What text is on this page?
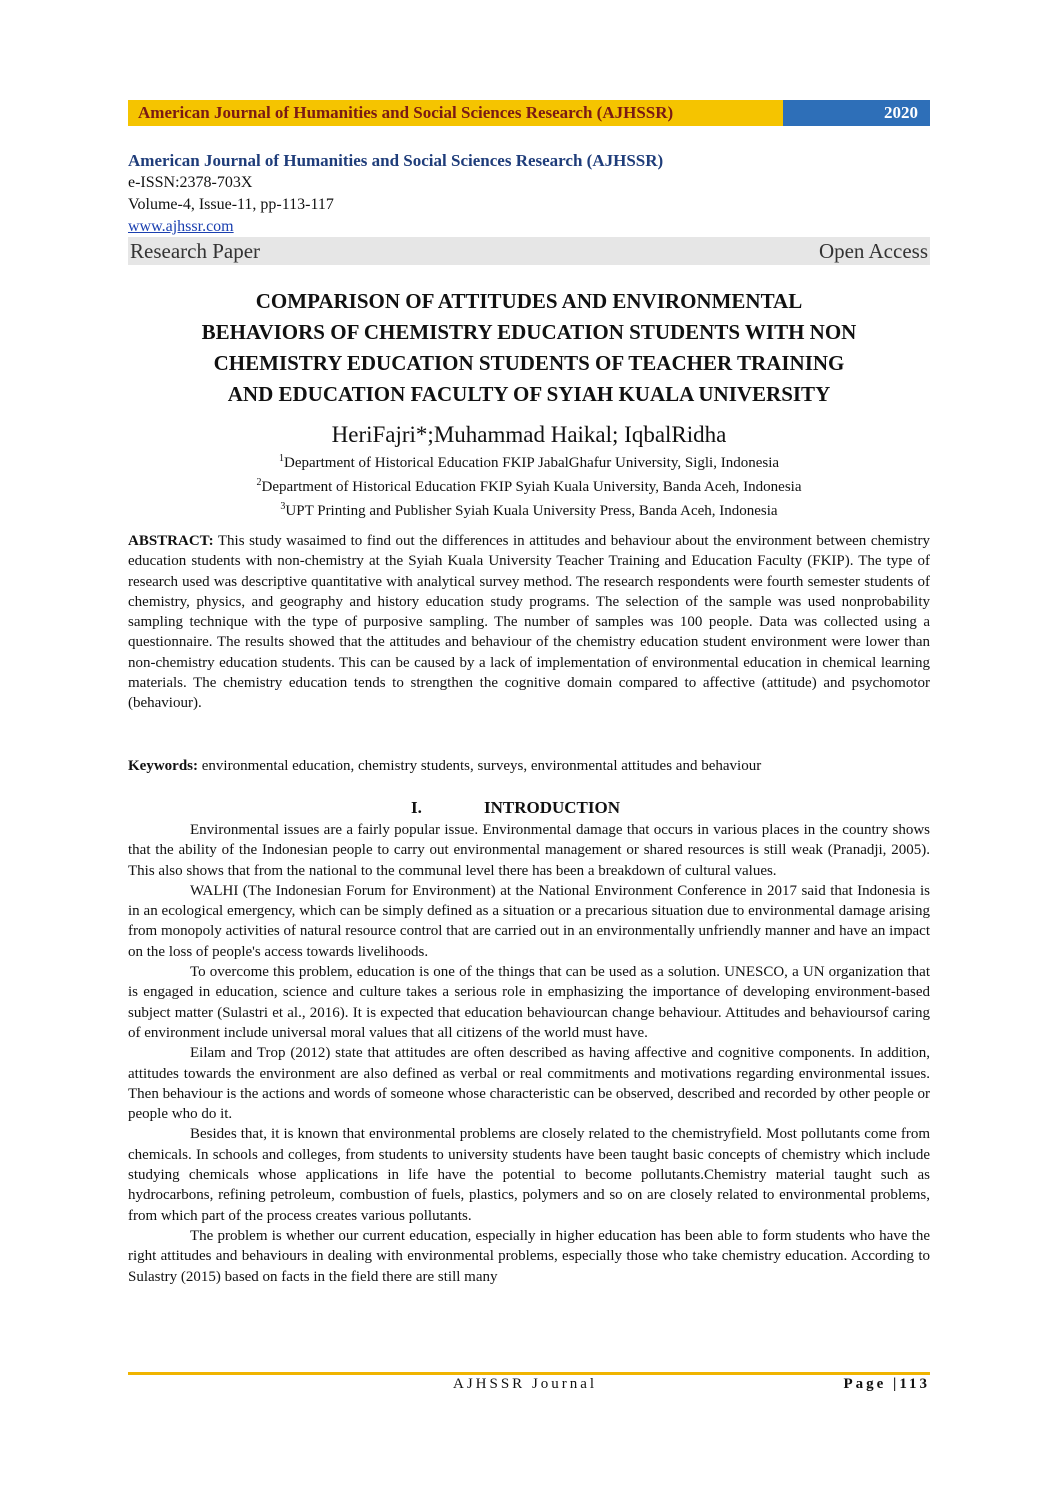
American Journal of Humanities and Social Sciences Research (AJHSSR)	2020
American Journal of Humanities and Social Sciences Research (AJHSSR)
e-ISSN:2378-703X
Volume-4, Issue-11, pp-113-117
www.ajhssr.com
Research Paper	Open Access
COMPARISON OF ATTITUDES AND ENVIRONMENTAL
BEHAVIORS OF CHEMISTRY EDUCATION STUDENTS WITH NON
CHEMISTRY EDUCATION STUDENTS OF TEACHER TRAINING
AND EDUCATION FACULTY OF SYIAH KUALA UNIVERSITY
HeriFajri*;Muhammad Haikal; IqbalRidha
$^1$Department of Historical Education FKIP JabalGhafur University, Sigli, Indonesia
$^2$Department of Historical Education FKIP Syiah Kuala University, Banda Aceh, Indonesia
$^3$UPT Printing and Publisher Syiah Kuala University Press, Banda Aceh, Indonesia
ABSTRACT: This study wasaimed to find out the differences in attitudes and behaviour about the environment between chemistry education students with non-chemistry at the Syiah Kuala University Teacher Training and Education Faculty (FKIP). The type of research used was descriptive quantitative with analytical survey method. The research respondents were fourth semester students of chemistry, physics, and geography and history education study programs. The selection of the sample was used nonprobability sampling technique with the type of purposive sampling. The number of samples was 100 people. Data was collected using a questionnaire. The results showed that the attitudes and behaviour of the chemistry education student environment were lower than non-chemistry education students. This can be caused by a lack of implementation of environmental education in chemical learning materials. The chemistry education tends to strengthen the cognitive domain compared to affective (attitude) and psychomotor (behaviour).
Keywords: environmental education, chemistry students, surveys, environmental attitudes and behaviour
I.	INTRODUCTION

Environmental issues are a fairly popular issue. Environmental damage that occurs in various places in the country shows that the ability of the Indonesian people to carry out environmental management or shared resources is still weak (Pranadji, 2005). This also shows that from the national to the communal level there has been a breakdown of cultural values.

WALHI (The Indonesian Forum for Environment) at the National Environment Conference in 2017 said that Indonesia is in an ecological emergency, which can be simply defined as a situation or a precarious situation due to environmental damage arising from monopoly activities of natural resource control that are carried out in an environmentally unfriendly manner and have an impact on the loss of people's access towards livelihoods.

To overcome this problem, education is one of the things that can be used as a solution. UNESCO, a UN organization that is engaged in education, science and culture takes a serious role in emphasizing the importance of developing environment-based subject matter (Sulastri et al., 2016). It is expected that education behaviourcan change behaviour. Attitudes and behavioursof caring of environment include universal moral values that all citizens of the world must have.

Eilam and Trop (2012) state that attitudes are often described as having affective and cognitive components. In addition, attitudes towards the environment are also defined as verbal or real commitments and motivations regarding environmental issues. Then behaviour is the actions and words of someone whose characteristic can be observed, described and recorded by other people or people who do it.

Besides that, it is known that environmental problems are closely related to the chemistryfield. Most pollutants come from chemicals. In schools and colleges, from students to university students have been taught basic concepts of chemistry which include studying chemicals whose applications in life have the potential to become pollutants.Chemistry material taught such as hydrocarbons, refining petroleum, combustion of fuels, plastics, polymers and so on are closely related to environmental problems, from which part of the process creates various pollutants.

The problem is whether our current education, especially in higher education has been able to form students who have the right attitudes and behaviours in dealing with environmental problems, especially those who take chemistry education. According to Sulastry (2015) based on facts in the field there are still many

AJHSSR Journal	Page |113
